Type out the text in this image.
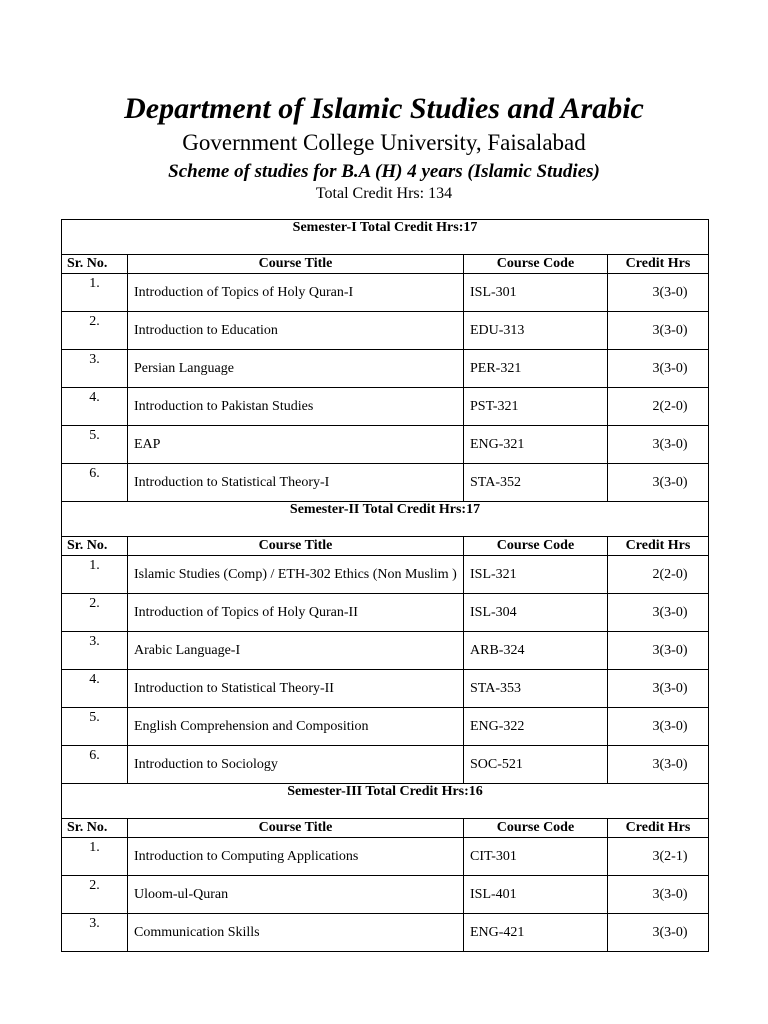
Department of Islamic Studies and Arabic
Government College University, Faisalabad
Scheme of studies for B.A (H) 4 years (Islamic Studies)
Total Credit Hrs: 134
Semester-I Total Credit Hrs:17			
Sr. No.	Course Title	Course Code	Credit Hrs
1.	Introduction of Topics of Holy Quran-I	ISL-301	3(3-0)
2.	Introduction to Education	EDU-313	3(3-0)
3.	Persian Language	PER-321	3(3-0)
4.	Introduction to Pakistan Studies	PST-321	2(2-0)
5.	EAP	ENG-321	3(3-0)
6.	Introduction to Statistical Theory-I	STA-352	3(3-0)
Semester-II Total Credit Hrs:17			
Sr. No.	Course Title	Course Code	Credit Hrs
1.	Islamic Studies (Comp) / ETH-302 Ethics (Non Muslim )	ISL-321	2(2-0)
2.	Introduction of Topics of Holy Quran-II	ISL-304	3(3-0)
3.	Arabic Language-I	ARB-324	3(3-0)
4.	Introduction to Statistical Theory-II	STA-353	3(3-0)
5.	English Comprehension and Composition	ENG-322	3(3-0)
6.	Introduction to Sociology	SOC-521	3(3-0)
Semester-III Total Credit Hrs:16			
Sr. No.	Course Title	Course Code	Credit Hrs
1.	Introduction to Computing Applications	CIT-301	3(2-1)
2.	Uloom-ul-Quran	ISL-401	3(3-0)
3.	Communication Skills	ENG-421	3(3-0)
